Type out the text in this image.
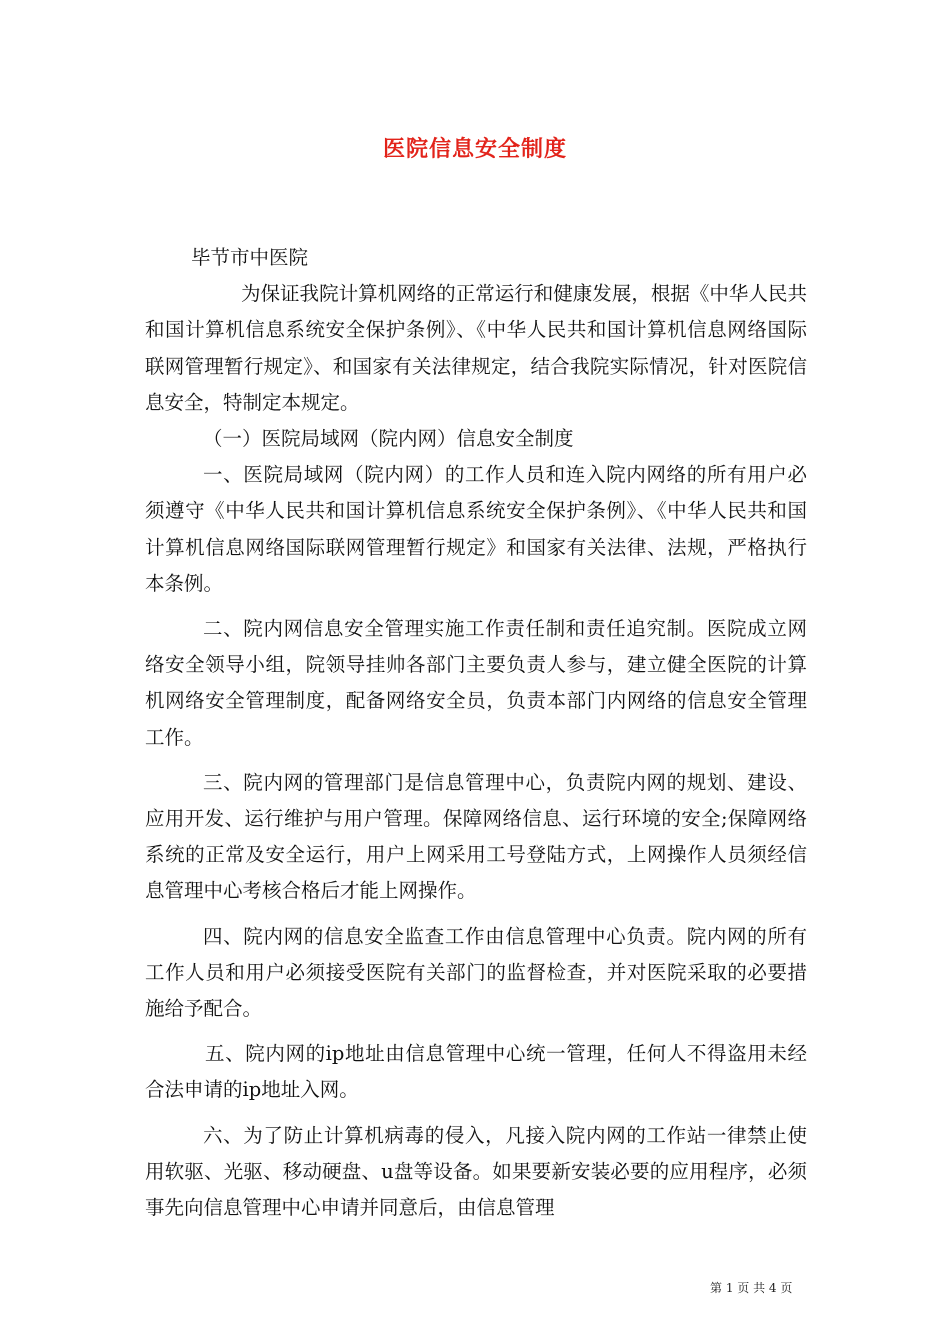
医院信息安全制度

毕节市中医院

为保证我院计算机网络的正常运行和健康发展，根据《中华人民共和国计算机信息系统安全保护条例》、《中华人民共和国计算机信息网络国际联网管理暂行规定》、和国家有关法律规定，结合我院实际情况，针对医院信息安全，特制定本规定。

（一）医院局域网（院内网）信息安全制度

一、医院局域网（院内网）的工作人员和连入院内网络的所有用户必须遵守《中华人民共和国计算机信息系统安全保护条例》、《中华人民共和国计算机信息网络国际联网管理暂行规定》和国家有关法律、法规，严格执行本条例。

二、院内网信息安全管理实施工作责任制和责任追究制。医院成立网络安全领导小组，院领导挂帅各部门主要负责人参与，建立健全医院的计算机网络安全管理制度，配备网络安全员，负责本部门内网络的信息安全管理工作。

三、院内网的管理部门是信息管理中心，负责院内网的规划、建设、应用开发、运行维护与用户管理。保障网络信息、运行环境的安全;保障网络系统的正常及安全运行，用户上网采用工号登陆方式，上网操作人员须经信息管理中心考核合格后才能上网操作。

四、院内网的信息安全监查工作由信息管理中心负责。院内网的所有工作人员和用户必须接受医院有关部门的监督检查，并对医院采取的必要措施给予配合。

五、院内网的ip地址由信息管理中心统一管理，任何人不得盗用未经合法申请的ip地址入网。

六、为了防止计算机病毒的侵入，凡接入院内网的工作站一律禁止使用软驱、光驱、移动硬盘、u盘等设备。如果要新安装必要的应用程序，必须事先向信息管理中心申请并同意后，由信息管理

第 1 页 共 4 页
